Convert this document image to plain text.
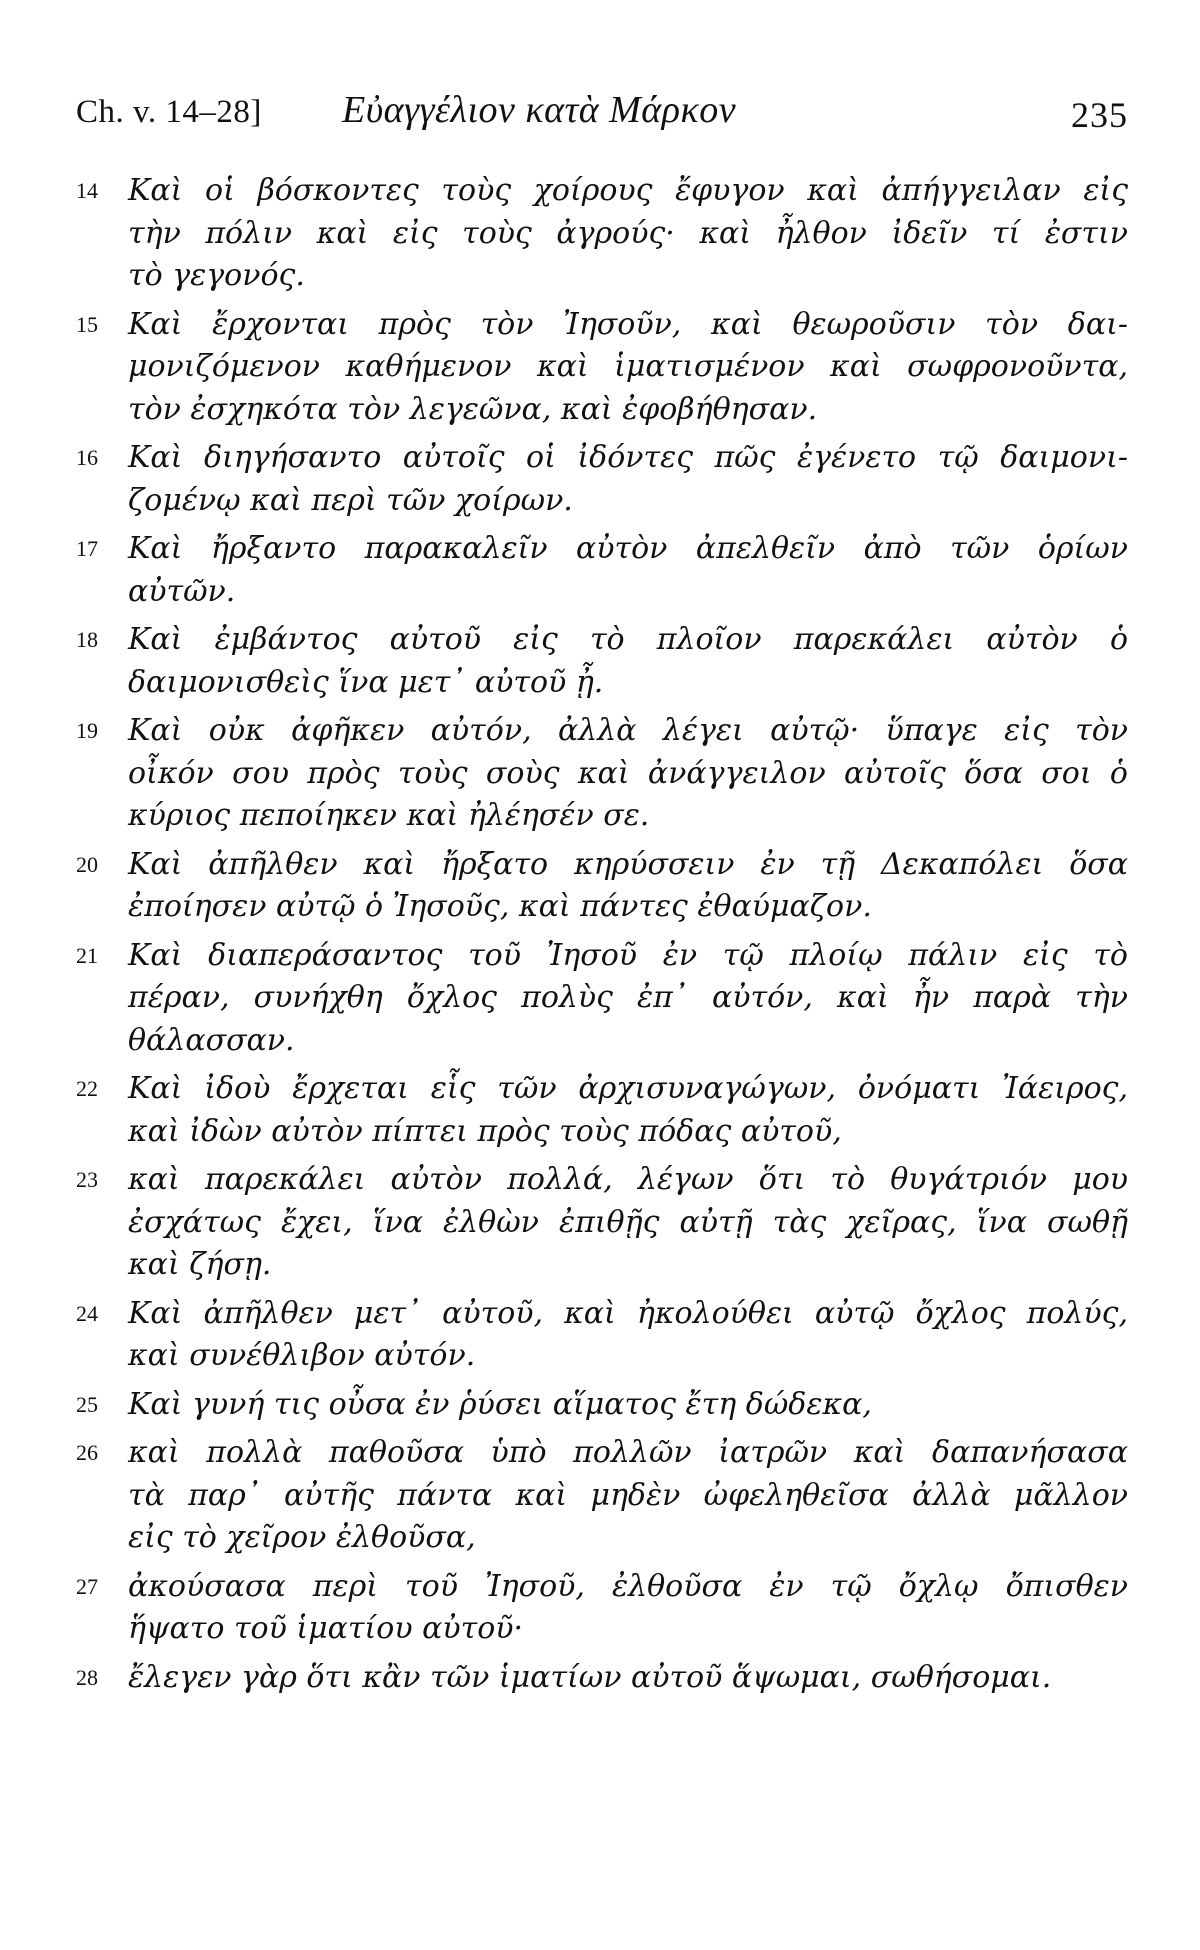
Ch. v. 14–28] Εὐαγγέλιον κατὰ Μάρκον	235
14 Καὶ οἱ βόσκοντες τοὺς χοίρους ἔφυγον καὶ ἀπήγγειλαν εἰς
τὴν πόλιν καὶ εἰς τοὺς ἀγρούς· καὶ ἦλθον ἰδεῖν τί ἐστιν
τὸ γεγονός.
15 Καὶ ἔρχονται πρὸς τὸν Ἰησοῦν, καὶ θεωροῦσιν τὸν δαι-
μονιζόμενον καθήμενον καὶ ἱματισμένον καὶ σωφρονοῦντα,
τὸν ἐσχηκότα τὸν λεγεῶνα, καὶ ἐφοβήθησαν.
16 Καὶ διηγήσαντο αὐτοῖς οἱ ἰδόντες πῶς ἐγένετο τῷ δαιμονι-
ζομένῳ καὶ περὶ τῶν χοίρων.
17 Καὶ ἤρξαντο παρακαλεῖν αὐτὸν ἀπελθεῖν ἀπὸ τῶν ὁρίων
αὐτῶν.
18 Καὶ ἐμβάντος αὐτοῦ εἰς τὸ πλοῖον παρεκάλει αὐτὸν ὁ
δαιμονισθεὶς ἵνα μετ᾽ αὐτοῦ ᾖ.
19 Καὶ οὐκ ἀφῆκεν αὐτόν, ἀλλὰ λέγει αὐτῷ· ὕπαγε εἰς τὸν
οἶκόν σου πρὸς τοὺς σοὺς καὶ ἀνάγγειλον αὐτοῖς ὅσα σοι ὁ
κύριος πεποίηκεν καὶ ἠλέησέν σε.
20 Καὶ ἀπῆλθεν καὶ ἤρξατο κηρύσσειν ἐν τῇ Δεκαπόλει ὅσα
ἐποίησεν αὐτῷ ὁ Ἰησοῦς, καὶ πάντες ἐθαύμαζον.
21 Καὶ διαπεράσαντος τοῦ Ἰησοῦ ἐν τῷ πλοίῳ πάλιν εἰς τὸ
πέραν, συνήχθη ὄχλος πολὺς ἐπ᾽ αὐτόν, καὶ ἦν παρὰ τὴν
θάλασσαν.
22 Καὶ ἰδοὺ ἔρχεται εἷς τῶν ἀρχισυναγώγων, ὀνόματι Ἰάειρος,
καὶ ἰδὼν αὐτὸν πίπτει πρὸς τοὺς πόδας αὐτοῦ,
23 καὶ παρεκάλει αὐτὸν πολλά, λέγων ὅτι τὸ θυγάτριόν μου
ἐσχάτως ἔχει, ἵνα ἐλθὼν ἐπιθῇς αὐτῇ τὰς χεῖρας, ἵνα σωθῇ
καὶ ζήσῃ.
24 Καὶ ἀπῆλθεν μετ᾽ αὐτοῦ, καὶ ἠκολούθει αὐτῷ ὄχλος πολύς,
καὶ συνέθλιβον αὐτόν.
25 Καὶ γυνή τις οὖσα ἐν ῥύσει αἵματος ἔτη δώδεκα,
26 καὶ πολλὰ παθοῦσα ὑπὸ πολλῶν ἰατρῶν καὶ δαπανήσασα
τὰ παρ᾽ αὐτῆς πάντα καὶ μηδὲν ὠφεληθεῖσα ἀλλὰ μᾶλλον
εἰς τὸ χεῖρον ἐλθοῦσα,
27 ἀκούσασα περὶ τοῦ Ἰησοῦ, ἐλθοῦσα ἐν τῷ ὄχλῳ ὄπισθεν
ἥψατο τοῦ ἱματίου αὐτοῦ·
28 ἔλεγεν γὰρ ὅτι κἂν τῶν ἱματίων αὐτοῦ ἅψωμαι, σωθήσομαι.
